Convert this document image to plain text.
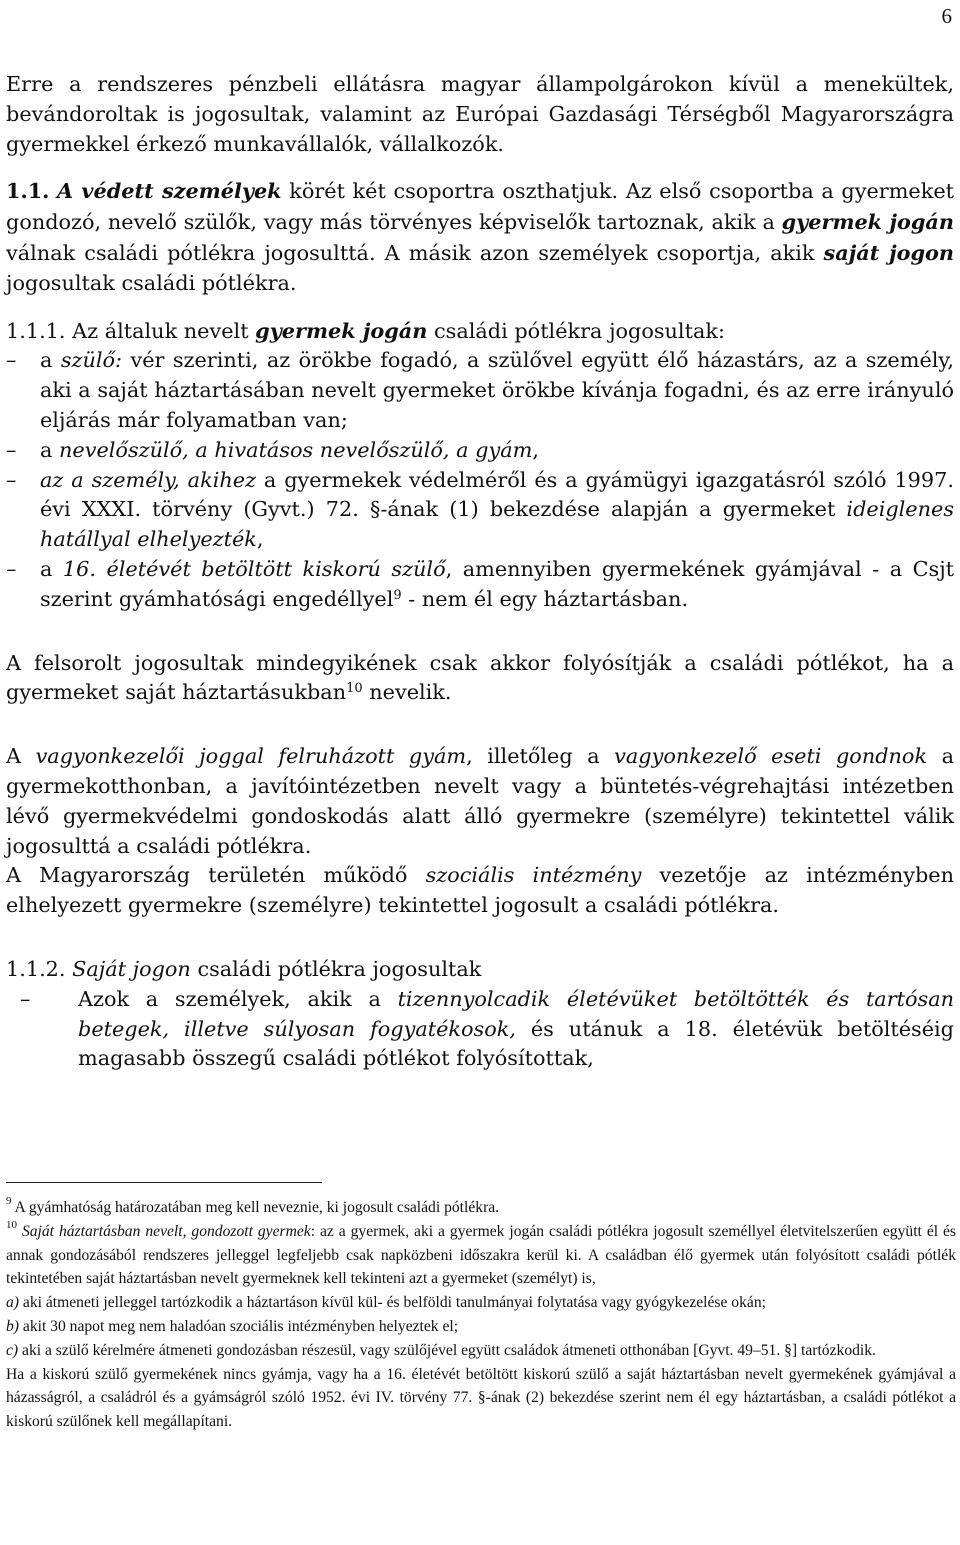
6

Erre a rendszeres pénzbeli ellátásra magyar állampolgárokon kívül a menekültek, bevándoroltak is jogosultak, valamint az Európai Gazdasági Térségből Magyarországra gyermekkel érkező munkavállalók, vállalkozók.

1.1. A védett személyek körét két csoportra oszthatjuk. Az első csoportba a gyermeket gondozó, nevelő szülők, vagy más törvényes képviselők tartoznak, akik a gyermek jogán válnak családi pótlékra jogosulttá. A másik azon személyek csoportja, akik saját jogon jogosultak családi pótlékra.

1.1.1. Az általuk nevelt gyermek jogán családi pótlékra jogosultak:

– a szülő: vér szerinti, az örökbe fogadó, a szülővel együtt élő házastárs, az a személy, aki a saját háztartásában nevelt gyermeket örökbe kívánja fogadni, és az erre irányuló eljárás már folyamatban van;
– a nevelőszülő, a hivatásos nevelőszülő, a gyám,
– az a személy, akihez a gyermekek védelméről és a gyámügyi igazgatásról szóló 1997. évi XXXI. törvény (Gyvt.) 72. §-ának (1) bekezdése alapján a gyermeket ideiglenes hatállyal elhelyezték,
– a 16. életévét betöltött kiskorú szülő, amennyiben gyermekének gyámjával - a Csjt szerint gyámhatósági engedéllyel$^9$ - nem él egy háztartásban.

A felsorolt jogosultak mindegyikének csak akkor folyósítják a családi pótlékot, ha a gyermeket saját háztartásukban$^{10}$ nevelik.

A vagyonkezelői joggal felruházott gyám, illetőleg a vagyonkezelő eseti gondnok a gyermekotthonban, a javítóintézetben nevelt vagy a büntetés-végrehajtási intézetben lévő gyermekvédelmi gondoskodás alatt álló gyermekre (személyre) tekintettel válik jogosulttá a családi pótlékra.

A Magyarország területén működő szociális intézmény vezetője az intézményben elhelyezett gyermekre (személyre) tekintettel jogosult a családi pótlékra.

1.1.2. Saját jogon családi pótlékra jogosultak

– Azok a személyek, akik a tizennyolcadik életévüket betöltötték és tartósan betegek, illetve súlyosan fogyatékosok, és utánuk a 18. életévük betöltéséig magasabb összegű családi pótlékot folyósítottak,

$^9$ A gyámhatóság határozatában meg kell neveznie, ki jogosult családi pótlékra.

$^{10}$ Saját háztartásban nevelt, gondozott gyermek: az a gyermek, aki a gyermek jogán családi pótlékra jogosult személlyel életvitelszerűen együtt él és annak gondozásából rendszeres jelleggel legfeljebb csak napközbeni időszakra kerül ki. A családban élő gyermek után folyósított családi pótlék tekintetében saját háztartásban nevelt gyermeknek kell tekinteni azt a gyermeket (személyt) is,

a) aki átmeneti jelleggel tartózkodik a háztartáson kívül kül- és belföldi tanulmányai folytatása vagy gyógykezelése okán;

b) akit 30 napot meg nem haladóan szociális intézményben helyeztek el;

c) aki a szülő kérelmére átmeneti gondozásban részesül, vagy szülőjével együtt családok átmeneti otthonában [Gyvt. 49–51. §] tartózkodik.

Ha a kiskorú szülő gyermekének nincs gyámja, vagy ha a 16. életévét betöltött kiskorú szülő a saját háztartásban nevelt gyermekének gyámjával a házasságról, a családról és a gyámságról szóló 1952. évi IV. törvény 77. §-ának (2) bekezdése szerint nem él egy háztartásban, a családi pótlékot a kiskorú szülőnek kell megállapítani.
